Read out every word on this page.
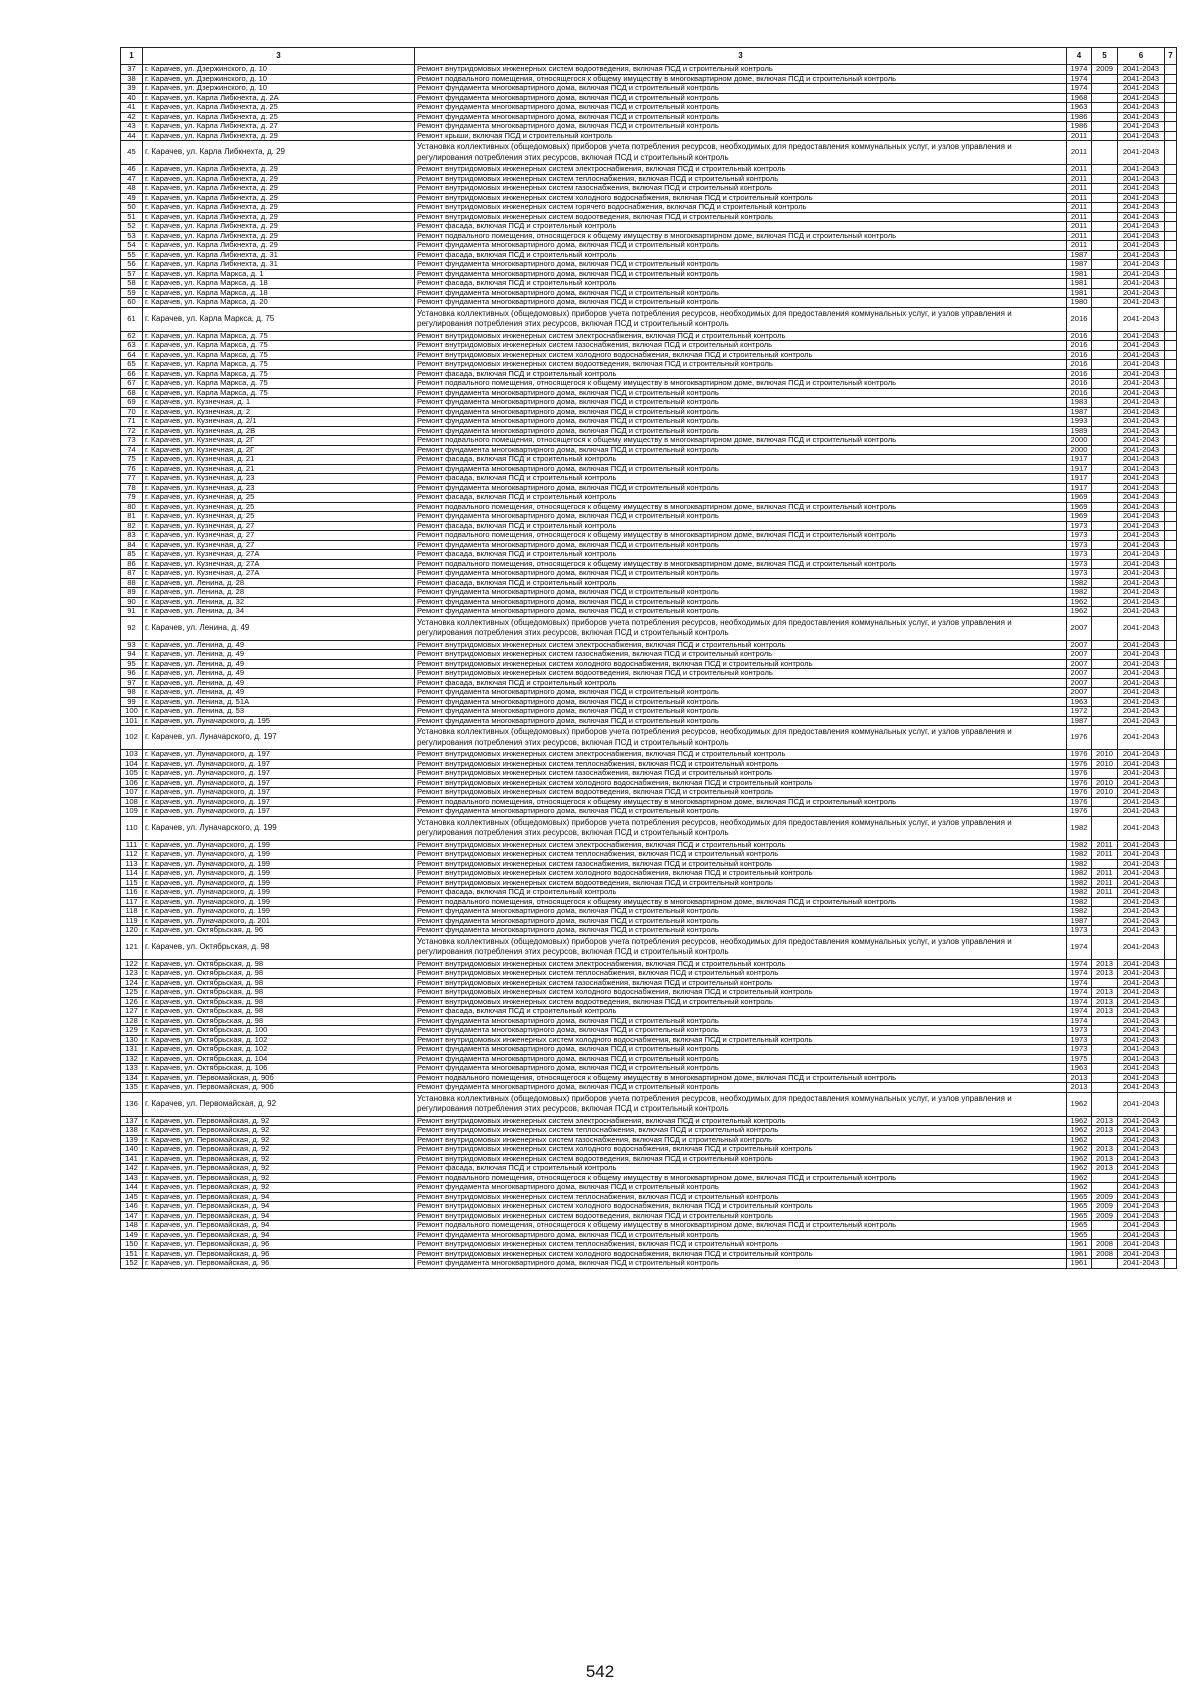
1	3	3	4	5	6	7
37	г. Карачев, ул. Дзержинского, д. 10	Ремонт внутридомовых инженерных систем водоотведения, включая ПСД и строительный контроль	1974	2009	2041-2043	
38	г. Карачев, ул. Дзержинского, д. 10	Ремонт подвального помещения, относящегося к общему имуществу в многоквартирном доме, включая ПСД и строительный контроль	1974		2041-2043	
39	г. Карачев, ул. Дзержинского, д. 10	Ремонт фундамента многоквартирного дома, включая ПСД и строительный контроль	1974		2041-2043	
40	г. Карачев, ул. Карла Либкнехта, д. 2А	Ремонт фундамента многоквартирного дома, включая ПСД и строительный контроль	1968		2041-2043	
41	г. Карачев, ул. Карла Либкнехта, д. 25	Ремонт фундамента многоквартирного дома, включая ПСД и строительный контроль	1963		2041-2043	
42	г. Карачев, ул. Карла Либкнехта, д. 25	Ремонт фундамента многоквартирного дома, включая ПСД и строительный контроль	1986		2041-2043	
43	г. Карачев, ул. Карла Либкнехта, д. 27	Ремонт фундамента многоквартирного дома, включая ПСД и строительный контроль	1986		2041-2043	
44	г. Карачев, ул. Карла Либкнехта, д. 29	Ремонт крыши, включая ПСД и строительный контроль	2011		2041-2043	
45	г. Карачев, ул. Карла Либкнехта, д. 29	Установка коллективных (общедомовых) приборов учета потребления ресурсов, необходимых для предоставления коммунальных услуг, и узлов управления и регулирования потребления этих ресурсов, включая ПСД и строительный контроль	2011		2041-2043	
46	г. Карачев, ул. Карла Либкнехта, д. 29	Ремонт внутридомовых инженерных систем электроснабжения, включая ПСД и строительный контроль	2011		2041-2043	
47	г. Карачев, ул. Карла Либкнехта, д. 29	Ремонт внутридомовых инженерных систем теплоснабжения, включая ПСД и строительный контроль	2011		2041-2043	
48	г. Карачев, ул. Карла Либкнехта, д. 29	Ремонт внутридомовых инженерных систем газоснабжения, включая ПСД и строительный контроль	2011		2041-2043	
49	г. Карачев, ул. Карла Либкнехта, д. 29	Ремонт внутридомовых инженерных систем холодного водоснабжения, включая ПСД и строительный контроль	2011		2041-2043	
50	г. Карачев, ул. Карла Либкнехта, д. 29	Ремонт внутридомовых инженерных систем горячего водоснабжения, включая ПСД и строительный контроль	2011		2041-2043	
51	г. Карачев, ул. Карла Либкнехта, д. 29	Ремонт внутридомовых инженерных систем водоотведения, включая ПСД и строительный контроль	2011		2041-2043	
52	г. Карачев, ул. Карла Либкнехта, д. 29	Ремонт фасада, включая ПСД и строительный контроль	2011		2041-2043	
53	г. Карачев, ул. Карла Либкнехта, д. 29	Ремонт подвального помещения, относящегося к общему имуществу в многоквартирном доме, включая ПСД и строительный контроль	2011		2041-2043	
54	г. Карачев, ул. Карла Либкнехта, д. 29	Ремонт фундамента многоквартирного дома, включая ПСД и строительный контроль	2011		2041-2043	
55	г. Карачев, ул. Карла Либкнехта, д. 31	Ремонт фасада, включая ПСД и строительный контроль	1987		2041-2043	
56	г. Карачев, ул. Карла Либкнехта, д. 31	Ремонт фундамента многоквартирного дома, включая ПСД и строительный контроль	1987		2041-2043	
57	г. Карачев, ул. Карла Маркса, д. 1	Ремонт фундамента многоквартирного дома, включая ПСД и строительный контроль	1981		2041-2043	
58	г. Карачев, ул. Карла Маркса, д. 18	Ремонт фасада, включая ПСД и строительный контроль	1981		2041-2043	
59	г. Карачев, ул. Карла Маркса, д. 18	Ремонт фундамента многоквартирного дома, включая ПСД и строительный контроль	1981		2041-2043	
60	г. Карачев, ул. Карла Маркса, д. 20	Ремонт фундамента многоквартирного дома, включая ПСД и строительный контроль	1980		2041-2043	
61	г. Карачев, ул. Карла Маркса, д. 75	Установка коллективных (общедомовых) приборов учета потребления ресурсов, необходимых для предоставления коммунальных услуг, и узлов управления и регулирования потребления этих ресурсов, включая ПСД и строительный контроль	2016		2041-2043	
62	г. Карачев, ул. Карла Маркса, д. 75	Ремонт внутридомовых инженерных систем электроснабжения, включая ПСД и строительный контроль	2016		2041-2043	
63	г. Карачев, ул. Карла Маркса, д. 75	Ремонт внутридомовых инженерных систем газоснабжения, включая ПСД и строительный контроль	2016		2041-2043	
64	г. Карачев, ул. Карла Маркса, д. 75	Ремонт внутридомовых инженерных систем холодного водоснабжения, включая ПСД и строительный контроль	2016		2041-2043	
65	г. Карачев, ул. Карла Маркса, д. 75	Ремонт внутридомовых инженерных систем водоотведения, включая ПСД и строительный контроль	2016		2041-2043	
66	г. Карачев, ул. Карла Маркса, д. 75	Ремонт фасада, включая ПСД и строительный контроль	2016		2041-2043	
67	г. Карачев, ул. Карла Маркса, д. 75	Ремонт подвального помещения, относящегося к общему имуществу в многоквартирном доме, включая ПСД и строительный контроль	2016		2041-2043	
68	г. Карачев, ул. Карла Маркса, д. 75	Ремонт фундамента многоквартирного дома, включая ПСД и строительный контроль	2016		2041-2043	
69	г. Карачев, ул. Кузнечная, д. 1	Ремонт фундамента многоквартирного дома, включая ПСД и строительный контроль	1983		2041-2043	
70	г. Карачев, ул. Кузнечная, д. 2	Ремонт фундамента многоквартирного дома, включая ПСД и строительный контроль	1987		2041-2043	
71	г. Карачев, ул. Кузнечная, д. 2/1	Ремонт фундамента многоквартирного дома, включая ПСД и строительный контроль	1993		2041-2043	
72	г. Карачев, ул. Кузнечная, д. 2В	Ремонт фундамента многоквартирного дома, включая ПСД и строительный контроль	1989		2041-2043	
73	г. Карачев, ул. Кузнечная, д. 2Г	Ремонт подвального помещения, относящегося к общему имуществу в многоквартирном доме, включая ПСД и строительный контроль	2000		2041-2043	
74	г. Карачев, ул. Кузнечная, д. 2Г	Ремонт фундамента многоквартирного дома, включая ПСД и строительный контроль	2000		2041-2043	
75	г. Карачев, ул. Кузнечная, д. 21	Ремонт фасада, включая ПСД и строительный контроль	1917		2041-2043	
76	г. Карачев, ул. Кузнечная, д. 21	Ремонт фундамента многоквартирного дома, включая ПСД и строительный контроль	1917		2041-2043	
77	г. Карачев, ул. Кузнечная, д. 23	Ремонт фасада, включая ПСД и строительный контроль	1917		2041-2043	
78	г. Карачев, ул. Кузнечная, д. 23	Ремонт фундамента многоквартирного дома, включая ПСД и строительный контроль	1917		2041-2043	
79	г. Карачев, ул. Кузнечная, д. 25	Ремонт фасада, включая ПСД и строительный контроль	1969		2041-2043	
80	г. Карачев, ул. Кузнечная, д. 25	Ремонт подвального помещения, относящегося к общему имуществу в многоквартирном доме, включая ПСД и строительный контроль	1969		2041-2043	
81	г. Карачев, ул. Кузнечная, д. 25	Ремонт фундамента многоквартирного дома, включая ПСД и строительный контроль	1969		2041-2043	
82	г. Карачев, ул. Кузнечная, д. 27	Ремонт фасада, включая ПСД и строительный контроль	1973		2041-2043	
83	г. Карачев, ул. Кузнечная, д. 27	Ремонт подвального помещения, относящегося к общему имуществу в многоквартирном доме, включая ПСД и строительный контроль	1973		2041-2043	
84	г. Карачев, ул. Кузнечная, д. 27	Ремонт фундамента многоквартирного дома, включая ПСД и строительный контроль	1973		2041-2043	
85	г. Карачев, ул. Кузнечная, д. 27А	Ремонт фасада, включая ПСД и строительный контроль	1973		2041-2043	
86	г. Карачев, ул. Кузнечная, д. 27А	Ремонт подвального помещения, относящегося к общему имуществу в многоквартирном доме, включая ПСД и строительный контроль	1973		2041-2043	
87	г. Карачев, ул. Кузнечная, д. 27А	Ремонт фундамента многоквартирного дома, включая ПСД и строительный контроль	1973		2041-2043	
88	г. Карачев, ул. Ленина, д. 28	Ремонт фасада, включая ПСД и строительный контроль	1982		2041-2043	
89	г. Карачев, ул. Ленина, д. 28	Ремонт фундамента многоквартирного дома, включая ПСД и строительный контроль	1982		2041-2043	
90	г. Карачев, ул. Ленина, д. 32	Ремонт фундамента многоквартирного дома, включая ПСД и строительный контроль	1962		2041-2043	
91	г. Карачев, ул. Ленина, д. 34	Ремонт фундамента многоквартирного дома, включая ПСД и строительный контроль	1962		2041-2043	
92	г. Карачев, ул. Ленина, д. 49	Установка коллективных (общедомовых) приборов учета потребления ресурсов, необходимых для предоставления коммунальных услуг, и узлов управления и регулирования потребления этих ресурсов, включая ПСД и строительный контроль	2007		2041-2043	
93	г. Карачев, ул. Ленина, д. 49	Ремонт внутридомовых инженерных систем электроснабжения, включая ПСД и строительный контроль	2007		2041-2043	
94	г. Карачев, ул. Ленина, д. 49	Ремонт внутридомовых инженерных систем газоснабжения, включая ПСД и строительный контроль	2007		2041-2043	
95	г. Карачев, ул. Ленина, д. 49	Ремонт внутридомовых инженерных систем холодного водоснабжения, включая ПСД и строительный контроль	2007		2041-2043	
96	г. Карачев, ул. Ленина, д. 49	Ремонт внутридомовых инженерных систем водоотведения, включая ПСД и строительный контроль	2007		2041-2043	
97	г. Карачев, ул. Ленина, д. 49	Ремонт фасада, включая ПСД и строительный контроль	2007		2041-2043	
98	г. Карачев, ул. Ленина, д. 49	Ремонт фундамента многоквартирного дома, включая ПСД и строительный контроль	2007		2041-2043	
99	г. Карачев, ул. Ленина, д. 51А	Ремонт фундамента многоквартирного дома, включая ПСД и строительный контроль	1963		2041-2043	
100	г. Карачев, ул. Ленина, д. 53	Ремонт фундамента многоквартирного дома, включая ПСД и строительный контроль	1972		2041-2043	
101	г. Карачев, ул. Луначарского, д. 195	Ремонт фундамента многоквартирного дома, включая ПСД и строительный контроль	1987		2041-2043	
102	г. Карачев, ул. Луначарского, д. 197	Установка коллективных (общедомовых) приборов учета потребления ресурсов, необходимых для предоставления коммунальных услуг, и узлов управления и регулирования потребления этих ресурсов, включая ПСД и строительный контроль	1976		2041-2043	
103	г. Карачев, ул. Луначарского, д. 197	Ремонт внутридомовых инженерных систем электроснабжения, включая ПСД и строительный контроль	1976	2010	2041-2043	
104	г. Карачев, ул. Луначарского, д. 197	Ремонт внутридомовых инженерных систем теплоснабжения, включая ПСД и строительный контроль	1976	2010	2041-2043	
105	г. Карачев, ул. Луначарского, д. 197	Ремонт внутридомовых инженерных систем газоснабжения, включая ПСД и строительный контроль	1976		2041-2043	
106	г. Карачев, ул. Луначарского, д. 197	Ремонт внутридомовых инженерных систем холодного водоснабжения, включая ПСД и строительный контроль	1976	2010	2041-2043	
107	г. Карачев, ул. Луначарского, д. 197	Ремонт внутридомовых инженерных систем водоотведения, включая ПСД и строительный контроль	1976	2010	2041-2043	
108	г. Карачев, ул. Луначарского, д. 197	Ремонт подвального помещения, относящегося к общему имуществу в многоквартирном доме, включая ПСД и строительный контроль	1976		2041-2043	
109	г. Карачев, ул. Луначарского, д. 197	Ремонт фундамента многоквартирного дома, включая ПСД и строительный контроль	1976		2041-2043	
110	г. Карачев, ул. Луначарского, д. 199	Установка коллективных (общедомовых) приборов учета потребления ресурсов, необходимых для предоставления коммунальных услуг, и узлов управления и регулирования потребления этих ресурсов, включая ПСД и строительный контроль	1982		2041-2043	
111	г. Карачев, ул. Луначарского, д. 199	Ремонт внутридомовых инженерных систем электроснабжения, включая ПСД и строительный контроль	1982	2011	2041-2043	
112	г. Карачев, ул. Луначарского, д. 199	Ремонт внутридомовых инженерных систем теплоснабжения, включая ПСД и строительный контроль	1982	2011	2041-2043	
113	г. Карачев, ул. Луначарского, д. 199	Ремонт внутридомовых инженерных систем газоснабжения, включая ПСД и строительный контроль	1982		2041-2043	
114	г. Карачев, ул. Луначарского, д. 199	Ремонт внутридомовых инженерных систем холодного водоснабжения, включая ПСД и строительный контроль	1982	2011	2041-2043	
115	г. Карачев, ул. Луначарского, д. 199	Ремонт внутридомовых инженерных систем водоотведения, включая ПСД и строительный контроль	1982	2011	2041-2043	
116	г. Карачев, ул. Луначарского, д. 199	Ремонт фасада, включая ПСД и строительный контроль	1982	2011	2041-2043	
117	г. Карачев, ул. Луначарского, д. 199	Ремонт подвального помещения, относящегося к общему имуществу в многоквартирном доме, включая ПСД и строительный контроль	1982		2041-2043	
118	г. Карачев, ул. Луначарского, д. 199	Ремонт фундамента многоквартирного дома, включая ПСД и строительный контроль	1982		2041-2043	
119	г. Карачев, ул. Луначарского, д. 201	Ремонт фундамента многоквартирного дома, включая ПСД и строительный контроль	1987		2041-2043	
120	г. Карачев, ул. Октябрьская, д. 96	Ремонт фундамента многоквартирного дома, включая ПСД и строительный контроль	1973		2041-2043	
121	г. Карачев, ул. Октябрьская, д. 98	Установка коллективных (общедомовых) приборов учета потребления ресурсов, необходимых для предоставления коммунальных услуг, и узлов управления и регулирования потребления этих ресурсов, включая ПСД и строительный контроль	1974		2041-2043	
122	г. Карачев, ул. Октябрьская, д. 98	Ремонт внутридомовых инженерных систем электроснабжения, включая ПСД и строительный контроль	1974	2013	2041-2043	
123	г. Карачев, ул. Октябрьская, д. 98	Ремонт внутридомовых инженерных систем теплоснабжения, включая ПСД и строительный контроль	1974	2013	2041-2043	
124	г. Карачев, ул. Октябрьская, д. 98	Ремонт внутридомовых инженерных систем газоснабжения, включая ПСД и строительный контроль	1974		2041-2043	
125	г. Карачев, ул. Октябрьская, д. 98	Ремонт внутридомовых инженерных систем холодного водоснабжения, включая ПСД и строительный контроль	1974	2013	2041-2043	
126	г. Карачев, ул. Октябрьская, д. 98	Ремонт внутридомовых инженерных систем водоотведения, включая ПСД и строительный контроль	1974	2013	2041-2043	
127	г. Карачев, ул. Октябрьская, д. 98	Ремонт фасада, включая ПСД и строительный контроль	1974	2013	2041-2043	
128	г. Карачев, ул. Октябрьская, д. 98	Ремонт фундамента многоквартирного дома, включая ПСД и строительный контроль	1974		2041-2043	
129	г. Карачев, ул. Октябрьская, д. 100	Ремонт фундамента многоквартирного дома, включая ПСД и строительный контроль	1973		2041-2043	
130	г. Карачев, ул. Октябрьская, д. 102	Ремонт внутридомовых инженерных систем холодного водоснабжения, включая ПСД и строительный контроль	1973		2041-2043	
131	г. Карачев, ул. Октябрьская, д. 102	Ремонт фундамента многоквартирного дома, включая ПСД и строительный контроль	1973		2041-2043	
132	г. Карачев, ул. Октябрьская, д. 104	Ремонт фундамента многоквартирного дома, включая ПСД и строительный контроль	1975		2041-2043	
133	г. Карачев, ул. Октябрьская, д. 106	Ремонт фундамента многоквартирного дома, включая ПСД и строительный контроль	1963		2041-2043	
134	г. Карачев, ул. Первомайская, д. 90б	Ремонт подвального помещения, относящегося к общему имуществу в многоквартирном доме, включая ПСД и строительный контроль	2013		2041-2043	
135	г. Карачев, ул. Первомайская, д. 90б	Ремонт фундамента многоквартирного дома, включая ПСД и строительный контроль	2013		2041-2043	
136	г. Карачев, ул. Первомайская, д. 92	Установка коллективных (общедомовых) приборов учета потребления ресурсов, необходимых для предоставления коммунальных услуг, и узлов управления и регулирования потребления этих ресурсов, включая ПСД и строительный контроль	1962		2041-2043	
137	г. Карачев, ул. Первомайская, д. 92	Ремонт внутридомовых инженерных систем электроснабжения, включая ПСД и строительный контроль	1962	2013	2041-2043	
138	г. Карачев, ул. Первомайская, д. 92	Ремонт внутридомовых инженерных систем теплоснабжения, включая ПСД и строительный контроль	1962	2013	2041-2043	
139	г. Карачев, ул. Первомайская, д. 92	Ремонт внутридомовых инженерных систем газоснабжения, включая ПСД и строительный контроль	1962		2041-2043	
140	г. Карачев, ул. Первомайская, д. 92	Ремонт внутридомовых инженерных систем холодного водоснабжения, включая ПСД и строительный контроль	1962	2013	2041-2043	
141	г. Карачев, ул. Первомайская, д. 92	Ремонт внутридомовых инженерных систем водоотведения, включая ПСД и строительный контроль	1962	2013	2041-2043	
142	г. Карачев, ул. Первомайская, д. 92	Ремонт фасада, включая ПСД и строительный контроль	1962	2013	2041-2043	
143	г. Карачев, ул. Первомайская, д. 92	Ремонт подвального помещения, относящегося к общему имуществу в многоквартирном доме, включая ПСД и строительный контроль	1962		2041-2043	
144	г. Карачев, ул. Первомайская, д. 92	Ремонт фундамента многоквартирного дома, включая ПСД и строительный контроль	1962		2041-2043	
145	г. Карачев, ул. Первомайская, д. 94	Ремонт внутридомовых инженерных систем теплоснабжения, включая ПСД и строительный контроль	1965	2009	2041-2043	
146	г. Карачев, ул. Первомайская, д. 94	Ремонт внутридомовых инженерных систем холодного водоснабжения, включая ПСД и строительный контроль	1965	2009	2041-2043	
147	г. Карачев, ул. Первомайская, д. 94	Ремонт внутридомовых инженерных систем водоотведения, включая ПСД и строительный контроль	1965	2009	2041-2043	
148	г. Карачев, ул. Первомайская, д. 94	Ремонт подвального помещения, относящегося к общему имуществу в многоквартирном доме, включая ПСД и строительный контроль	1965		2041-2043	
149	г. Карачев, ул. Первомайская, д. 94	Ремонт фундамента многоквартирного дома, включая ПСД и строительный контроль	1965		2041-2043	
150	г. Карачев, ул. Первомайская, д. 96	Ремонт внутридомовых инженерных систем теплоснабжения, включая ПСД и строительный контроль	1961	2008	2041-2043	
151	г. Карачев, ул. Первомайская, д. 96	Ремонт внутридомовых инженерных систем холодного водоснабжения, включая ПСД и строительный контроль	1961	2008	2041-2043	
152	г. Карачев, ул. Первомайская, д. 96	Ремонт фундамента многоквартирного дома, включая ПСД и строительный контроль	1961		2041-2043	
542
